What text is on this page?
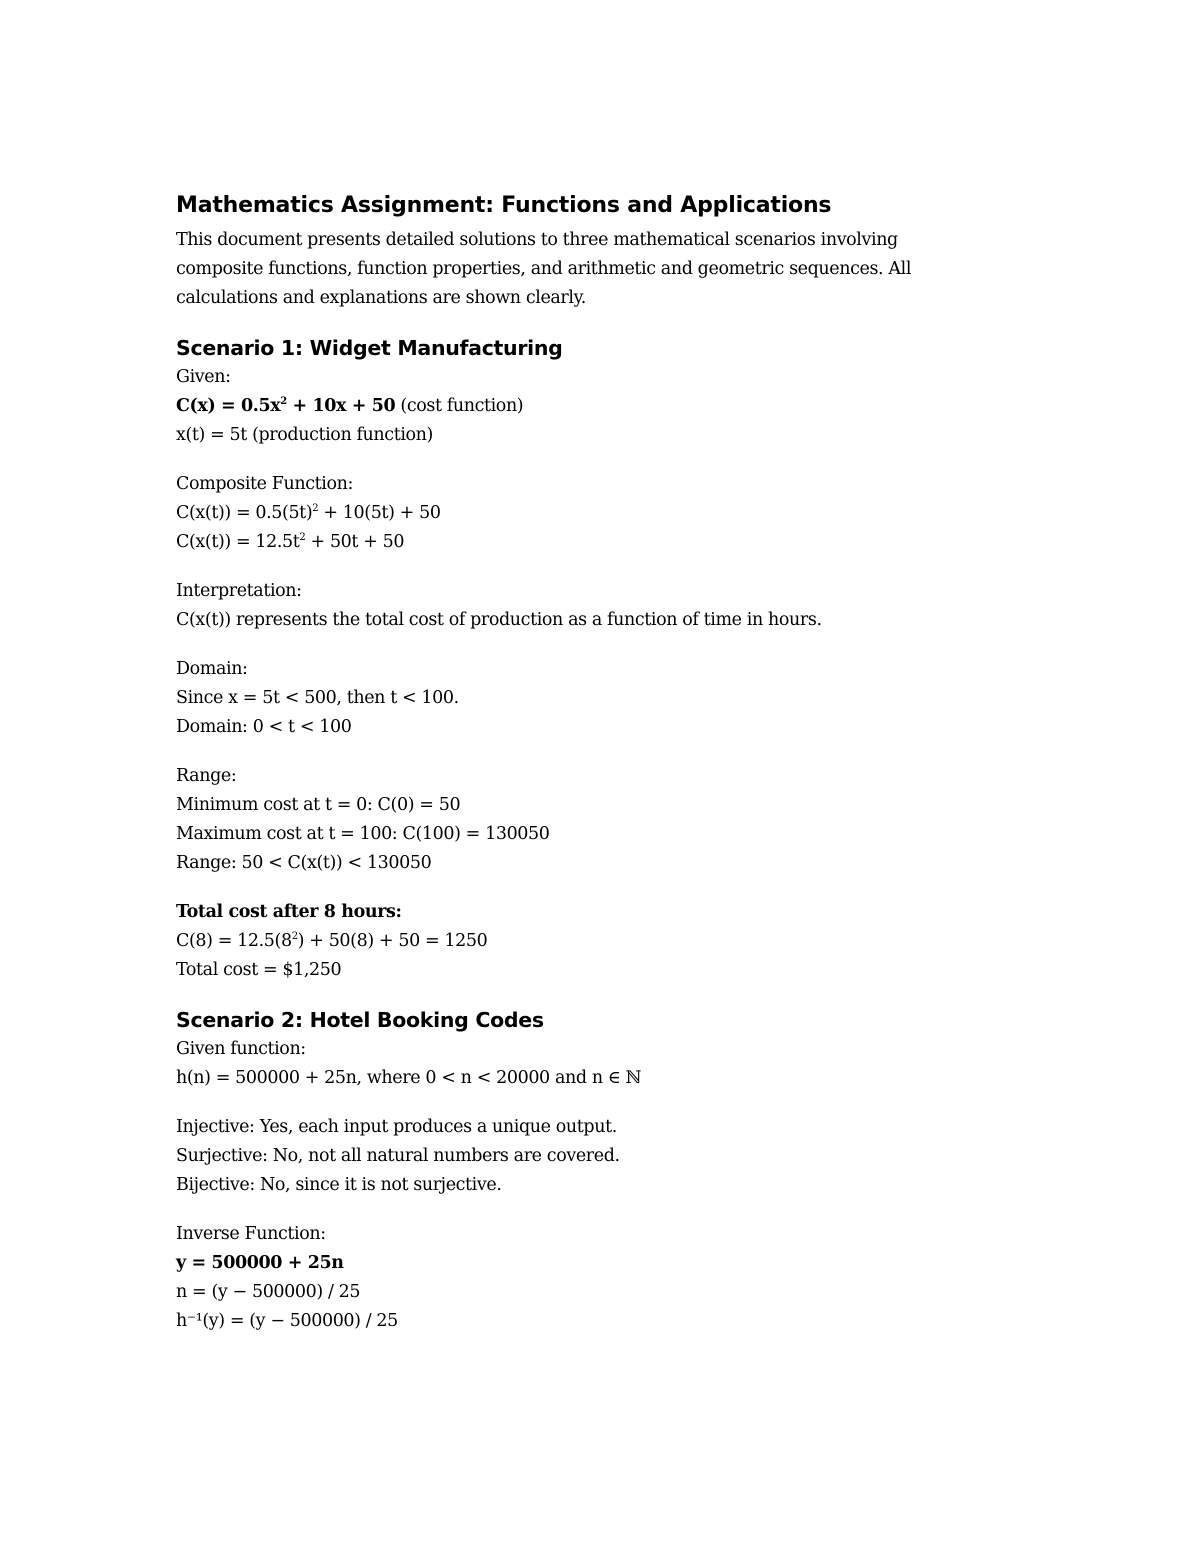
Mathematics Assignment: Functions and Applications

This document presents detailed solutions to three mathematical scenarios involving composite functions, function properties, and arithmetic and geometric sequences. All calculations and explanations are shown clearly.

Scenario 1: Widget Manufacturing

Given:

$C(x) = 0.5x^2 + 10x + 50$ (cost function)

x(t) = 5t (production function)

Composite Function:

$C(x(t)) = 0.5(5t)^2 + 10(5t) + 50$

$C(x(t)) = 12.5t^2 + 50t + 50$

Interpretation:

C(x(t)) represents the total cost of production as a function of time in hours.

Domain:

Since x = 5t < 500, then t < 100.

Domain: 0 < t < 100

Range:

Minimum cost at t = 0: C(0) = 50

Maximum cost at t = 100: C(100) = 130050

Range: 50 < C(x(t)) < 130050

Total cost after 8 hours:

$C(8) = 12.5(8^2) + 50(8) + 50 = 1250$

Total cost = $1,250

Scenario 2: Hotel Booking Codes

Given function:

h(n) = 500000 + 25n, where 0 < n < 20000 and n ∈ ℕ

Injective: Yes, each input produces a unique output.

Surjective: No, not all natural numbers are covered.

Bijective: No, since it is not surjective.

Inverse Function:

y = 500000 + 25n

n = (y − 500000) / 25

h⁻¹(y) = (y − 500000) / 25
